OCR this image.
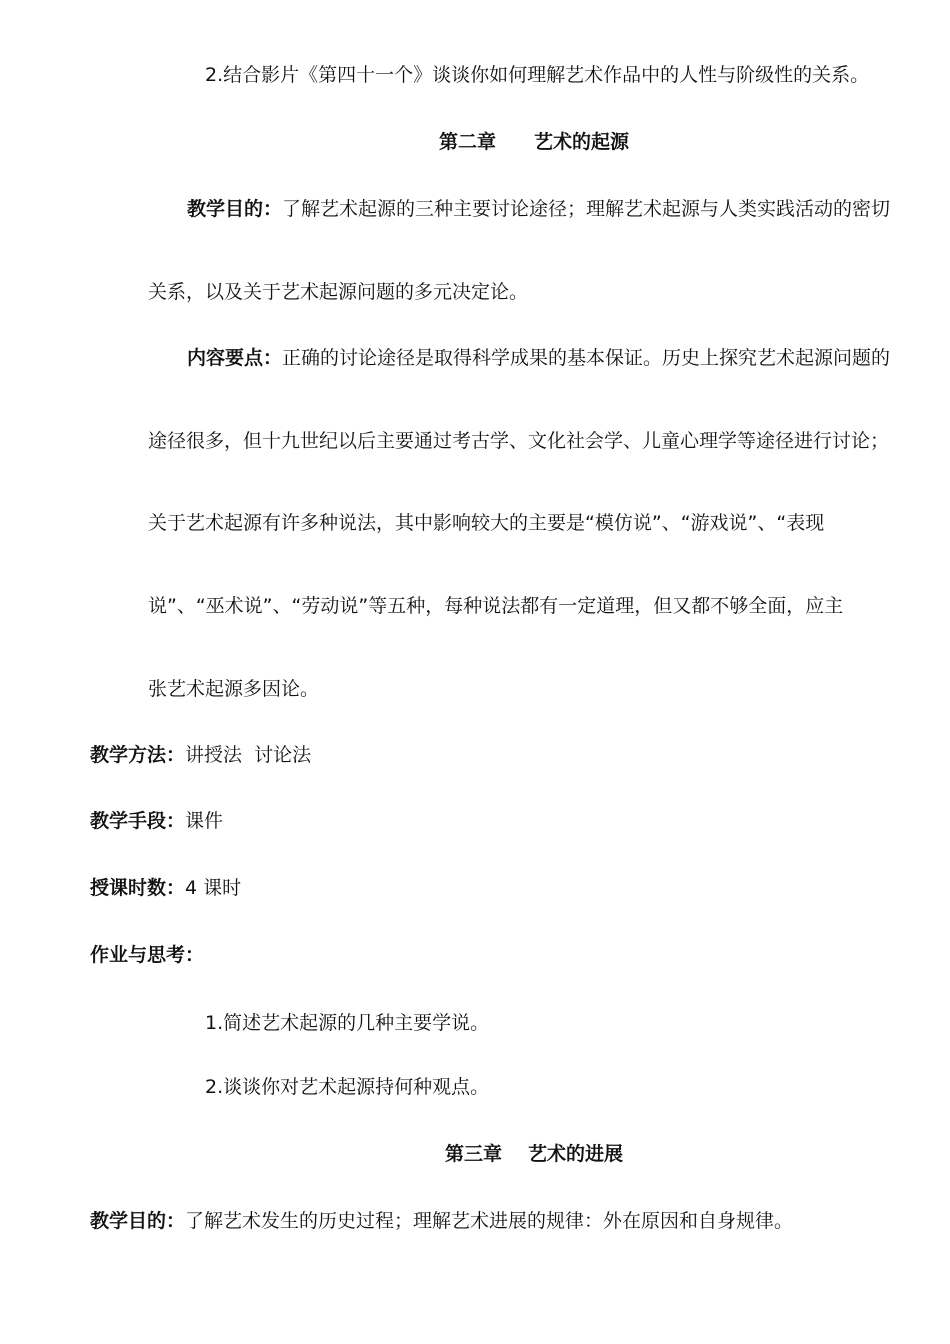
2.结合影片《第四十一个》谈谈你如何理解艺术作品中的人性与阶级性的关系。
第二章 艺术的起源
教学目的：了解艺术起源的三种主要讨论途径；理解艺术起源与人类实践活动的密切
关系，以及关于艺术起源问题的多元决定论。
内容要点：正确的讨论途径是取得科学成果的基本保证。历史上探究艺术起源问题的
途径很多，但十九世纪以后主要通过考古学、文化社会学、儿童心理学等途径进行讨论；
关于艺术起源有许多种说法，其中影响较大的主要是“模仿说”、“游戏说”、“表现
说”、“巫术说”、“劳动说”等五种，每种说法都有一定道理，但又都不够全面，应主
张艺术起源多因论。
教学方法：讲授法  讨论法
教学手段：课件
授课时数：4 课时
作业与思考：
1.简述艺术起源的几种主要学说。
2.谈谈你对艺术起源持何种观点。
第三章 艺术的进展
教学目的：了解艺术发生的历史过程；理解艺术进展的规律：外在原因和自身规律。
